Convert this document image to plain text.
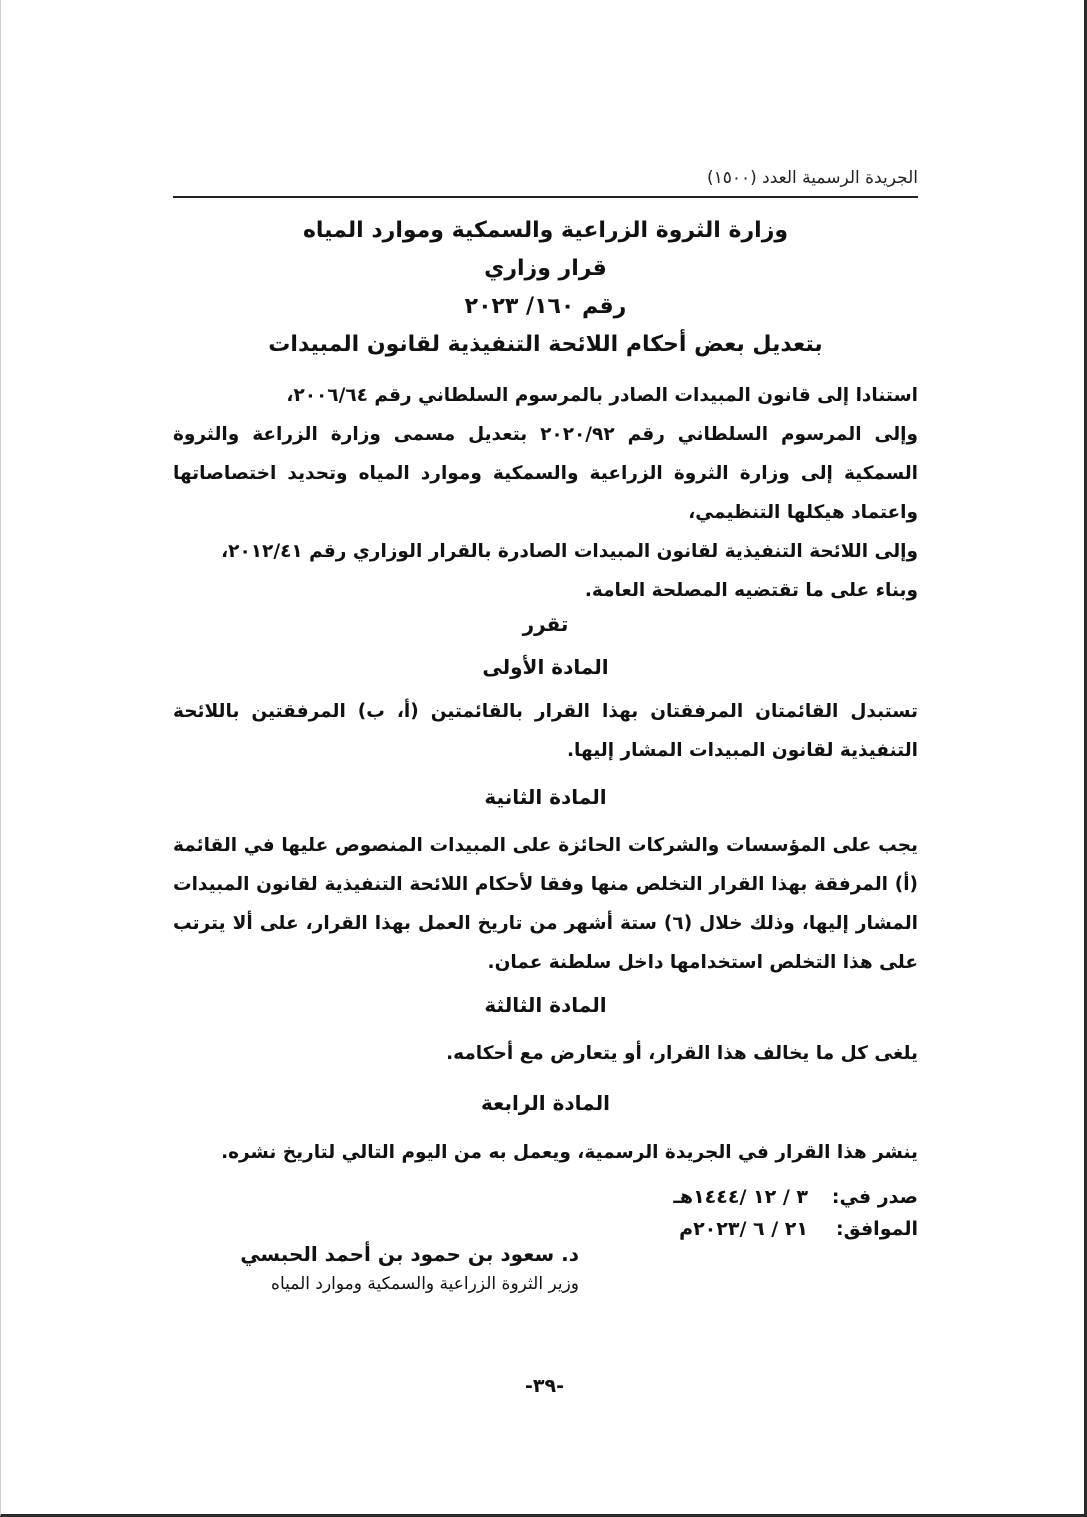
الجريدة الرسمية العدد (١٥٠٠)
وزارة الثروة الزراعية والسمكية وموارد المياه
قرار وزاري
رقم ١٦٠/ ٢٠٢٣
بتعديل بعض أحكام اللائحة التنفيذية لقانون المبيدات
استنادا إلى قانون المبيدات الصادر بالمرسوم السلطاني رقم ٢٠٠٦/٦٤،
وإلى المرسوم السلطاني رقم ٢٠٢٠/٩٢ بتعديل مسمى وزارة الزراعة والثروة السمكية إلى وزارة الثروة الزراعية والسمكية وموارد المياه وتحديد اختصاصاتها واعتماد هيكلها التنظيمي،
وإلى اللائحة التنفيذية لقانون المبيدات الصادرة بالقرار الوزاري رقم ٢٠١٢/٤١،
وبناء على ما تقتضيه المصلحة العامة.
تقرر
المادة الأولى
تستبدل القائمتان المرفقتان بهذا القرار بالقائمتين (أ، ب) المرفقتين باللائحة التنفيذية لقانون المبيدات المشار إليها.
المادة الثانية
يجب على المؤسسات والشركات الحائزة على المبيدات المنصوص عليها في القائمة (أ) المرفقة بهذا القرار التخلص منها وفقا لأحكام اللائحة التنفيذية لقانون المبيدات المشار إليها، وذلك خلال (٦) ستة أشهر من تاريخ العمل بهذا القرار، على ألا يترتب على هذا التخلص استخدامها داخل سلطنة عمان.
المادة الثالثة
يلغى كل ما يخالف هذا القرار، أو يتعارض مع أحكامه.
المادة الرابعة
ينشر هذا القرار في الجريدة الرسمية، ويعمل به من اليوم التالي لتاريخ نشره.
صدر في:
٣ / ١٢ /١٤٤٤هـ
الموافق:
٢١ / ٦ /٢٠٢٣م
د. سعود بن حمود بن أحمد الحبسي
وزير الثروة الزراعية والسمكية وموارد المياه
-٣٩-
